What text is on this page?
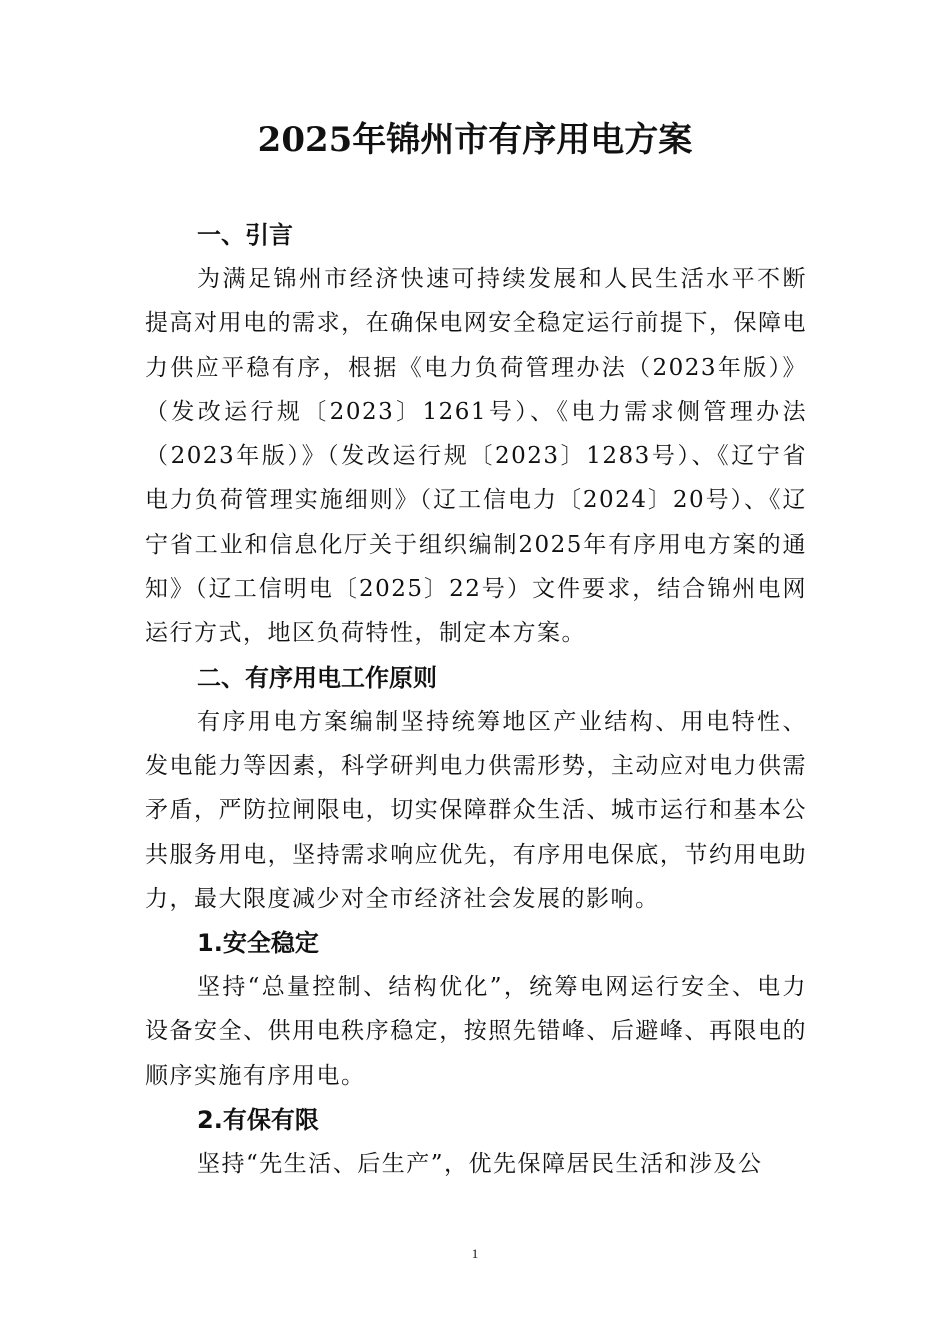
2025年锦州市有序用电方案

一、引言

为满足锦州市经济快速可持续发展和人民生活水平不断提高对用电的需求，在确保电网安全稳定运行前提下，保障电力供应平稳有序，根据《电力负荷管理办法（2023年版）》（发改运行规〔2023〕1261号）、《电力需求侧管理办法（2023年版）》（发改运行规〔2023〕1283号）、《辽宁省电力负荷管理实施细则》（辽工信电力〔2024〕20号）、《辽宁省工业和信息化厅关于组织编制2025年有序用电方案的通知》（辽工信明电〔2025〕22号）文件要求，结合锦州电网运行方式，地区负荷特性，制定本方案。

二、有序用电工作原则

有序用电方案编制坚持统筹地区产业结构、用电特性、发电能力等因素，科学研判电力供需形势，主动应对电力供需矛盾，严防拉闸限电，切实保障群众生活、城市运行和基本公共服务用电，坚持需求响应优先，有序用电保底，节约用电助力，最大限度减少对全市经济社会发展的影响。

1.安全稳定

坚持“总量控制、结构优化”，统筹电网运行安全、电力设备安全、供用电秩序稳定，按照先错峰、后避峰、再限电的顺序实施有序用电。

2.有保有限

坚持“先生活、后生产”，优先保障居民生活和涉及公

1
